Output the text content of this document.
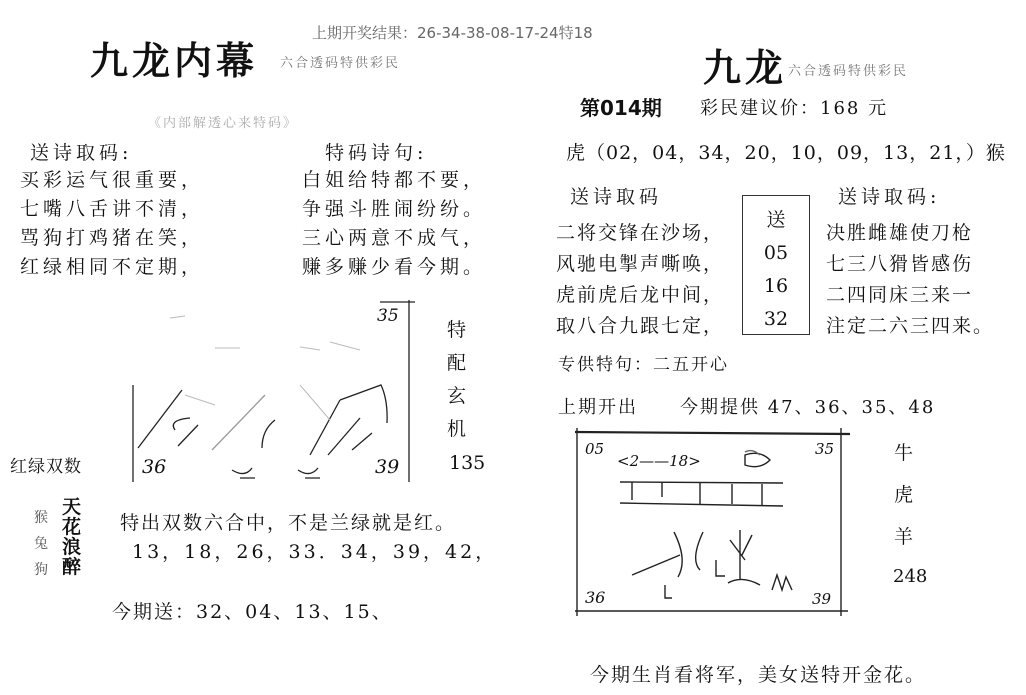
上期开奖结果：26-34-38-08-17-24特18
九龙内幕 六合透码特供彩民
《内部解透心来特码》
送诗取码:	特码诗句:
买彩运气很重要，
七嘴八舌讲不清，
骂狗打鸡猪在笑，
红绿相同不定期，
白姐给特都不要，
争强斗胜闹纷纷。
三心两意不成气，
赚多赚少看今期。
35
36	39
特
配
玄
机
135
红绿双数
猴
兔
狗
天
花
浪
醉
特出双数六合中，不是兰绿就是红。
13，18，26，33．34，39，42，
今期送：32、04、13、15、
九龙 六合透码特供彩民
第014期 彩民建议价：168 元
虎（02，04，34，20，10，09，13，21，）猴
送诗取码	送诗取码:
二将交锋在沙场，
风驰电掣声嘶唤，
虎前虎后龙中间，
取八合九跟七定，
送
05
16
32
决胜雌雄使刀枪
七三八猾皆感伤
二四同床三来一
注定二六三四来。
专供特句：二五开心
上期开出 今期提供 47、36、35、48
05
<2——18>
35
36	39
牛
虎
羊
248
今期生肖看将军，美女送特开金花。
